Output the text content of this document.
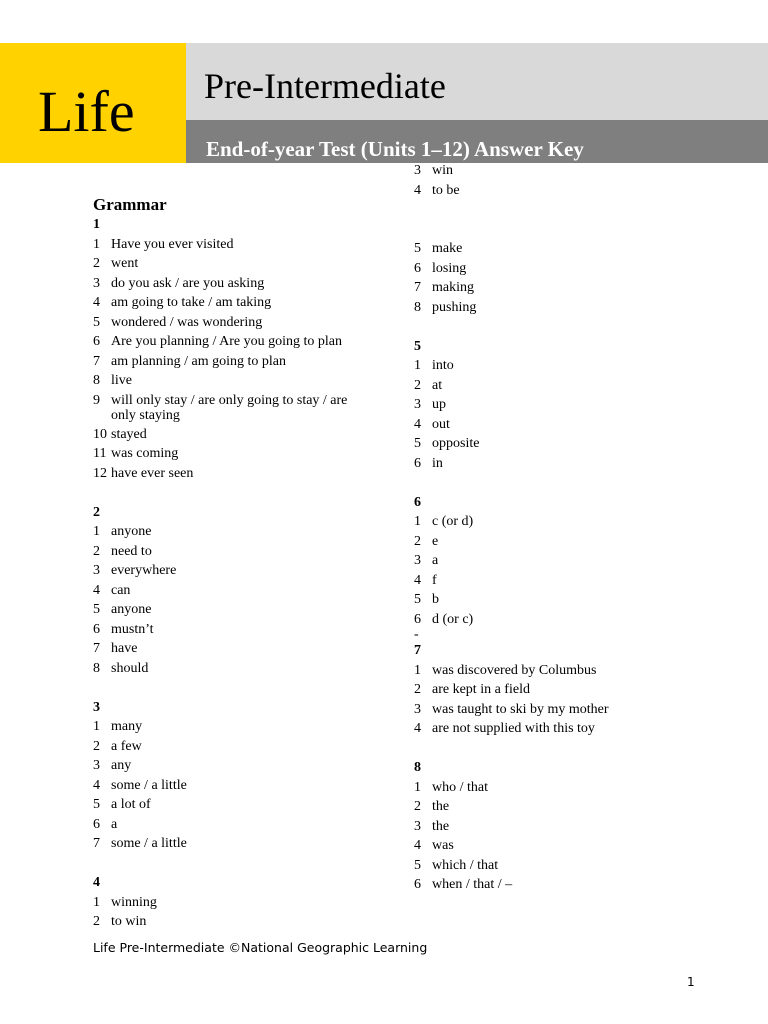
Life Pre-Intermediate
End-of-year Test (Units 1–12) Answer Key
Grammar
1
1 Have you ever visited
2 went
3 do you ask / are you asking
4 am going to take / am taking
5 wondered / was wondering
6 Are you planning / Are you going to plan
7 am planning / am going to plan
8 live
9 will only stay / are only going to stay / are only staying
10 stayed
11 was coming
12 have ever seen
2
1 anyone
2 need to
3 everywhere
4 can
5 anyone
6 mustn’t
7 have
8 should
3
1 many
2 a few
3 any
4 some / a little
5 a lot of
6 a
7 some / a little
4
1 winning
2 to win
3 win
4 to be
5 make
6 losing
7 making
8 pushing
5
1 into
2 at
3 up
4 out
5 opposite
6 in
6
1 c (or d)
2 e
3 a
4 f
5 b
6 d (or c)
-
7
1 was discovered by Columbus
2 are kept in a field
3 was taught to ski by my mother
4 are not supplied with this toy
8
1 who / that
2 the
3 the
4 was
5 which / that
6 when / that / –
Life Pre-Intermediate ©National Geographic Learning
1
